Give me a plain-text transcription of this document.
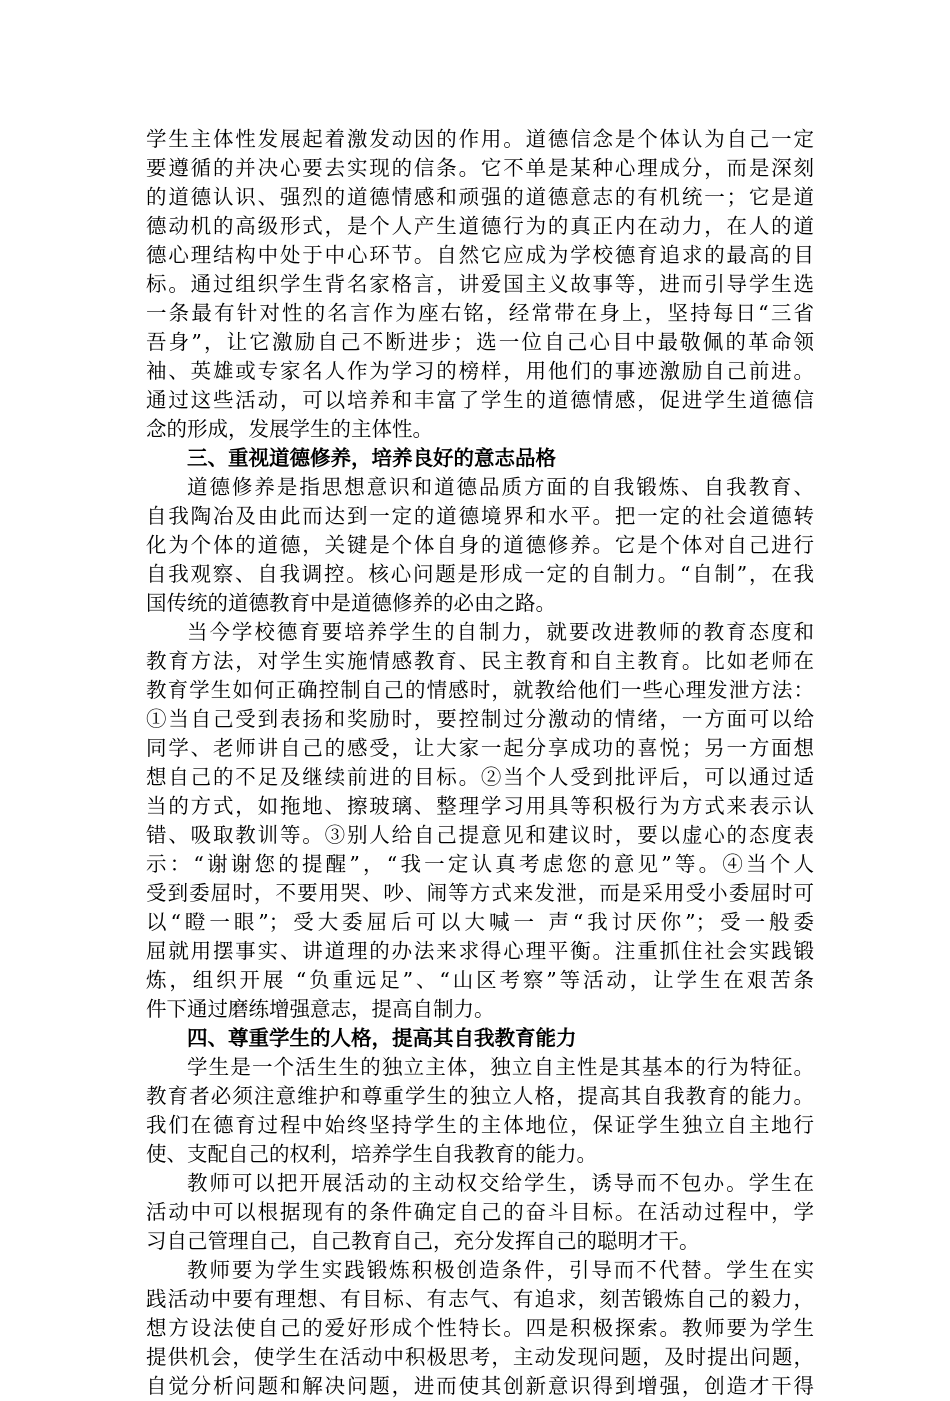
学生主体性发展起着激发动因的作用。道德信念是个体认为自己一定
要遵循的并决心要去实现的信条。它不单是某种心理成分，而是深刻
的道德认识、强烈的道德情感和顽强的道德意志的有机统一；它是道
德动机的高级形式，是个人产生道德行为的真正内在动力，在人的道
德心理结构中处于中心环节。自然它应成为学校德育追求的最高的目
标。通过组织学生背名家格言，讲爱国主义故事等，进而引导学生选
一条最有针对性的名言作为座右铭，经常带在身上，坚持每日“三省
吾身”，让它激励自己不断进步；选一位自己心目中最敬佩的革命领
袖、英雄或专家名人作为学习的榜样，用他们的事迹激励自己前进。
通过这些活动，可以培养和丰富了学生的道德情感，促进学生道德信
念的形成，发展学生的主体性。
三、重视道德修养，培养良好的意志品格
道德修养是指思想意识和道德品质方面的自我锻炼、自我教育、
自我陶冶及由此而达到一定的道德境界和水平。把一定的社会道德转
化为个体的道德，关键是个体自身的道德修养。它是个体对自己进行
自我观察、自我调控。核心问题是形成一定的自制力。“自制”，在我
国传统的道德教育中是道德修养的必由之路。
当今学校德育要培养学生的自制力，就要改进教师的教育态度和
教育方法，对学生实施情感教育、民主教育和自主教育。比如老师在
教育学生如何正确控制自己的情感时，就教给他们一些心理发泄方法：
①当自己受到表扬和奖励时，要控制过分激动的情绪，一方面可以给
同学、老师讲自己的感受，让大家一起分享成功的喜悦；另一方面想
想自己的不足及继续前进的目标。②当个人受到批评后，可以通过适
当的方式，如拖地、擦玻璃、整理学习用具等积极行为方式来表示认
错、吸取教训等。③别人给自己提意见和建议时，要以虚心的态度表
示：“谢谢您的提醒”，“我一定认真考虑您的意见”等。④当个人
受到委屈时，不要用哭、吵、闹等方式来发泄，而是采用受小委屈时可
以“瞪一眼”；受大委屈后可以大喊一 声“我讨厌你”；受一般委
屈就用摆事实、讲道理的办法来求得心理平衡。注重抓住社会实践锻
炼，组织开展 “负重远足”、“山区考察”等活动，让学生在艰苦条
件下通过磨练增强意志，提高自制力。
四、尊重学生的人格，提高其自我教育能力
学生是一个活生生的独立主体，独立自主性是其基本的行为特征。
教育者必须注意维护和尊重学生的独立人格，提高其自我教育的能力。
我们在德育过程中始终坚持学生的主体地位，保证学生独立自主地行
使、支配自己的权利，培养学生自我教育的能力。
教师可以把开展活动的主动权交给学生，诱导而不包办。学生在
活动中可以根据现有的条件确定自己的奋斗目标。在活动过程中，学
习自己管理自己，自己教育自己，充分发挥自己的聪明才干。
教师要为学生实践锻炼积极创造条件，引导而不代替。学生在实
践活动中要有理想、有目标、有志气、有追求，刻苦锻炼自己的毅力，
想方设法使自己的爱好形成个性特长。四是积极探索。教师要为学生
提供机会，使学生在活动中积极思考，主动发现问题，及时提出问题，
自觉分析问题和解决问题，进而使其创新意识得到增强，创造才干得
